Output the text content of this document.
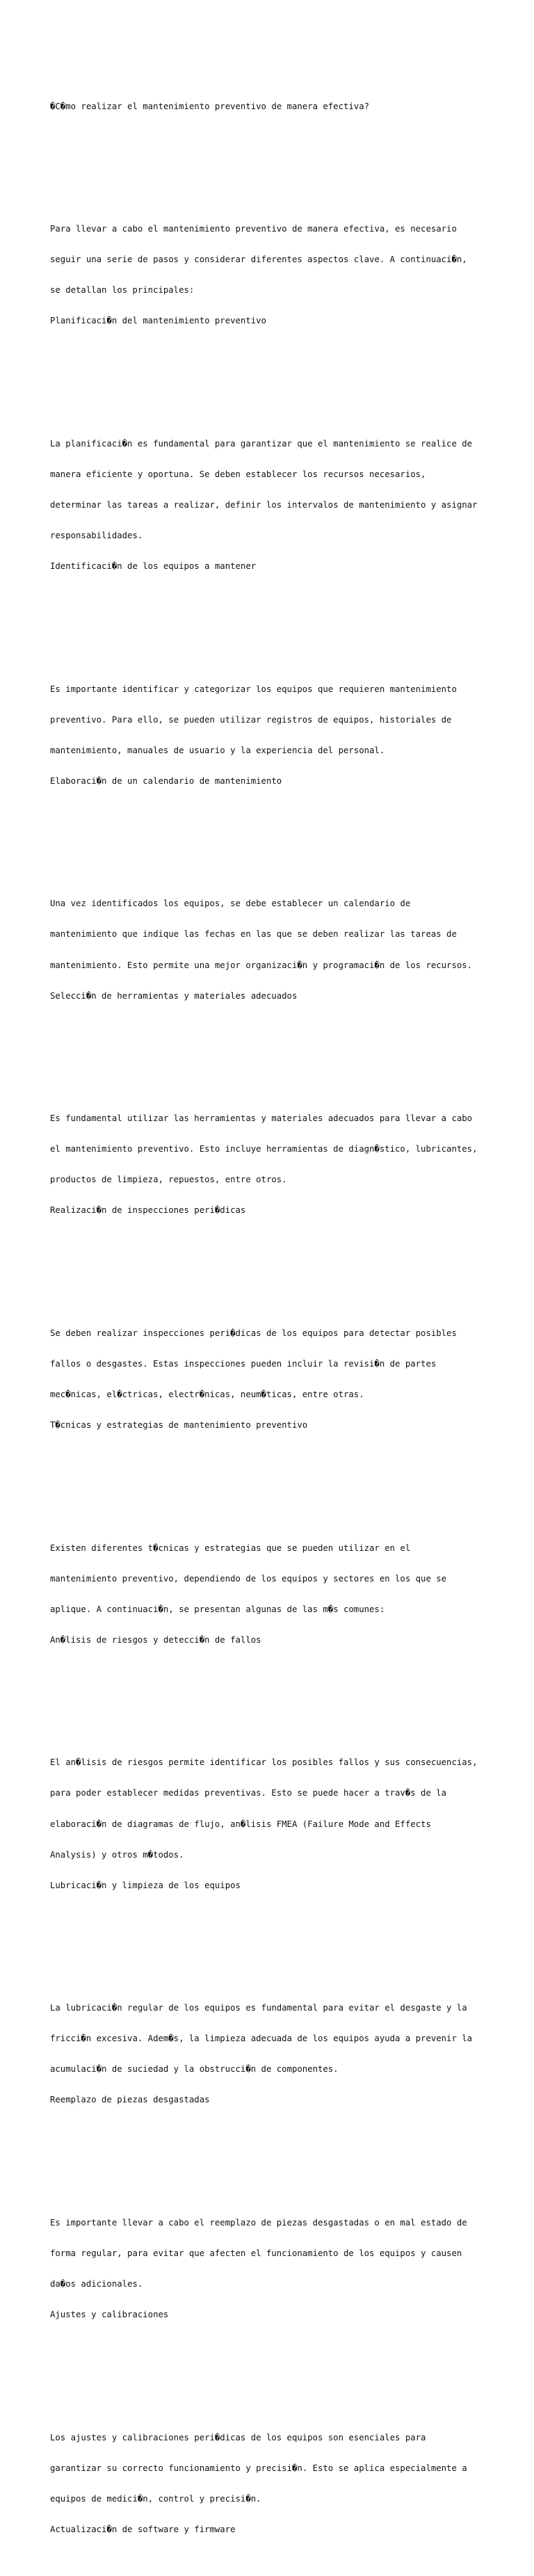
�C�mo realizar el mantenimiento preventivo de manera efectiva?

Para llevar a cabo el mantenimiento preventivo de manera efectiva, es necesario

seguir una serie de pasos y considerar diferentes aspectos clave. A continuaci�n,

se detallan los principales:

Planificaci�n del mantenimiento preventivo

La planificaci�n es fundamental para garantizar que el mantenimiento se realice de

manera eficiente y oportuna. Se deben establecer los recursos necesarios,

determinar las tareas a realizar, definir los intervalos de mantenimiento y asignar

responsabilidades.

Identificaci�n de los equipos a mantener

Es importante identificar y categorizar los equipos que requieren mantenimiento

preventivo. Para ello, se pueden utilizar registros de equipos, historiales de

mantenimiento, manuales de usuario y la experiencia del personal.

Elaboraci�n de un calendario de mantenimiento

Una vez identificados los equipos, se debe establecer un calendario de

mantenimiento que indique las fechas en las que se deben realizar las tareas de

mantenimiento. Esto permite una mejor organizaci�n y programaci�n de los recursos.

Selecci�n de herramientas y materiales adecuados

Es fundamental utilizar las herramientas y materiales adecuados para llevar a cabo

el mantenimiento preventivo. Esto incluye herramientas de diagn�stico, lubricantes,

productos de limpieza, repuestos, entre otros.

Realizaci�n de inspecciones peri�dicas

Se deben realizar inspecciones peri�dicas de los equipos para detectar posibles

fallos o desgastes. Estas inspecciones pueden incluir la revisi�n de partes

mec�nicas, el�ctricas, electr�nicas, neum�ticas, entre otras.

T�cnicas y estrategias de mantenimiento preventivo

Existen diferentes t�cnicas y estrategias que se pueden utilizar en el

mantenimiento preventivo, dependiendo de los equipos y sectores en los que se

aplique. A continuaci�n, se presentan algunas de las m�s comunes:

An�lisis de riesgos y detecci�n de fallos

El an�lisis de riesgos permite identificar los posibles fallos y sus consecuencias,

para poder establecer medidas preventivas. Esto se puede hacer a trav�s de la

elaboraci�n de diagramas de flujo, an�lisis FMEA (Failure Mode and Effects

Analysis) y otros m�todos.

Lubricaci�n y limpieza de los equipos

La lubricaci�n regular de los equipos es fundamental para evitar el desgaste y la

fricci�n excesiva. Adem�s, la limpieza adecuada de los equipos ayuda a prevenir la

acumulaci�n de suciedad y la obstrucci�n de componentes.

Reemplazo de piezas desgastadas

Es importante llevar a cabo el reemplazo de piezas desgastadas o en mal estado de

forma regular, para evitar que afecten el funcionamiento de los equipos y causen

da�os adicionales.

Ajustes y calibraciones

Los ajustes y calibraciones peri�dicas de los equipos son esenciales para

garantizar su correcto funcionamiento y precisi�n. Esto se aplica especialmente a

equipos de medici�n, control y precisi�n.

Actualizaci�n de software y firmware
